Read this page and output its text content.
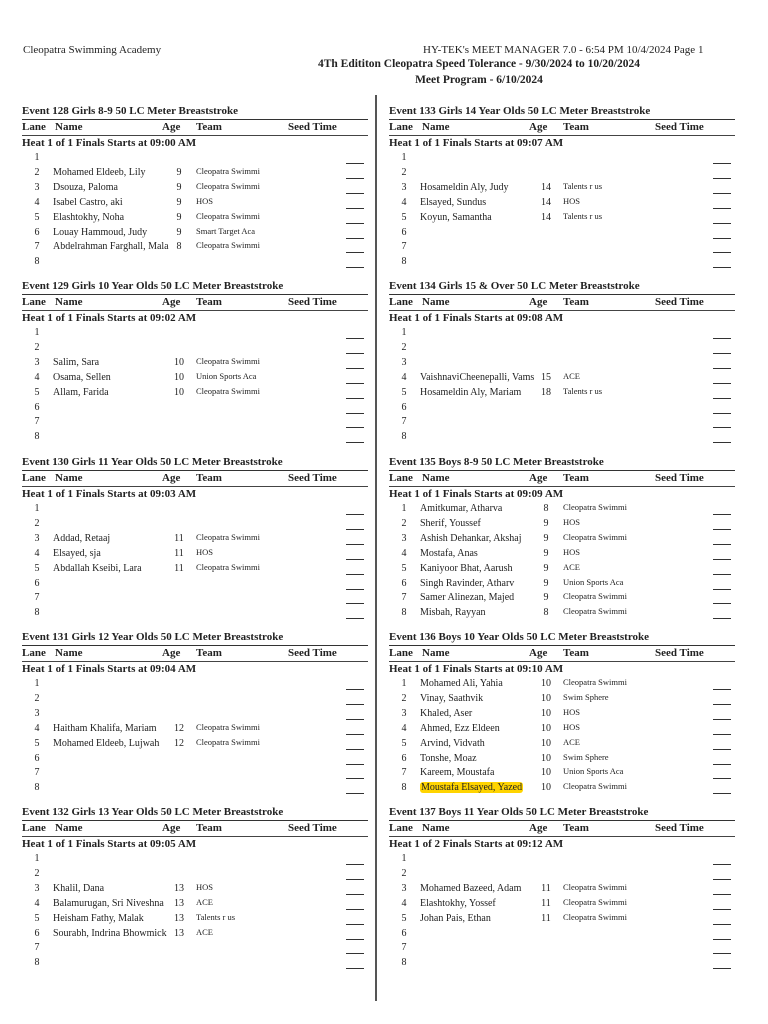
Cleopatra Swimming Academy	HY-TEK's MEET MANAGER 7.0 - 6:54 PM 10/4/2024 Page 1
4Th Edititon Cleopatra Speed Tolerance - 9/30/2024 to 10/20/2024
Meet Program - 6/10/2024
Event 128 Girls 8-9 50 LC Meter Breaststroke
Lane Name	Age Team	Seed Time
Heat 1 of 1 Finals Starts at 09:00 AM
1
2 Mohamed Eldeeb, Lily	9	Cleopatra Swimmi
3 Dsouza, Paloma	9	Cleopatra Swimmi
4 Isabel Castro, aki	9	HOS
5 Elashtokhy, Noha	9	Cleopatra Swimmi
6 Louay Hammoud, Judy	9	Smart Target Aca
7 Abdelrahman Farghall, Mala 8	Cleopatra Swimmi
8
Event 129 Girls 10 Year Olds 50 LC Meter Breaststroke
Lane Name	Age Team	Seed Time
Heat 1 of 1 Finals Starts at 09:02 AM
1
2
3 Salim, Sara	10	Cleopatra Swimmi
4 Osama, Sellen	10	Union Sports Aca
5 Allam, Farida	10	Cleopatra Swimmi
6
7
8
Event 130 Girls 11 Year Olds 50 LC Meter Breaststroke
Lane Name	Age Team	Seed Time
Heat 1 of 1 Finals Starts at 09:03 AM
1
2
3 Addad, Retaaj	11	Cleopatra Swimmi
4 Elsayed, sja	11	HOS
5 Abdallah Kseibi, Lara	11	Cleopatra Swimmi
6
7
8
Event 131 Girls 12 Year Olds 50 LC Meter Breaststroke
Lane Name	Age Team	Seed Time
Heat 1 of 1 Finals Starts at 09:04 AM
1
2
3
4 Haitham Khalifa, Mariam	12	Cleopatra Swimmi
5 Mohamed Eldeeb, Lujwah	12	Cleopatra Swimmi
6
7
8
Event 132 Girls 13 Year Olds 50 LC Meter Breaststroke
Lane Name	Age Team	Seed Time
Heat 1 of 1 Finals Starts at 09:05 AM
1
2
3 Khalil, Dana	13	HOS
4 Balamurugan, Sri Niveshna	13	ACE
5 Heisham Fathy, Malak	13	Talents r us
6 Sourabh, Indrina Bhowmick 13	ACE
7
8
Event 133 Girls 14 Year Olds 50 LC Meter Breaststroke
Lane Name	Age Team	Seed Time
Heat 1 of 1 Finals Starts at 09:07 AM
1
2
3 Hosameldin Aly, Judy	14	Talents r us
4 Elsayed, Sundus	14	HOS
5 Koyun, Samantha	14	Talents r us
6
7
8
Event 134 Girls 15 & Over 50 LC Meter Breaststroke
Lane Name	Age Team	Seed Time
Heat 1 of 1 Finals Starts at 09:08 AM
1
2
3
4 VaishnaviCheenepalli, Vams 15	ACE
5 Hosameldin Aly, Mariam	18	Talents r us
6
7
8
Event 135 Boys 8-9 50 LC Meter Breaststroke
Lane Name	Age Team	Seed Time
Heat 1 of 1 Finals Starts at 09:09 AM
1 Amitkumar, Atharva	8	Cleopatra Swimmi
2 Sherif, Youssef	9	HOS
3 Ashish Dehankar, Akshaj	9	Cleopatra Swimmi
4 Mostafa, Anas	9	HOS
5 Kaniyoor Bhat, Aarush	9	ACE
6 Singh Ravinder, Atharv	9	Union Sports Aca
7 Samer Alinezan, Majed	9	Cleopatra Swimmi
8 Misbah, Rayyan	8	Cleopatra Swimmi
Event 136 Boys 10 Year Olds 50 LC Meter Breaststroke
Lane Name	Age Team	Seed Time
Heat 1 of 1 Finals Starts at 09:10 AM
1 Mohamed Ali, Yahia	10	Cleopatra Swimmi
2 Vinay, Saathvik	10	Swim Sphere
3 Khaled, Aser	10	HOS
4 Ahmed, Ezz Eldeen	10	HOS
5 Arvind, Vidvath	10	ACE
6 Tonshe, Moaz	10	Swim Sphere
7 Kareem, Moustafa	10	Union Sports Aca
8 Moustafa Elsayed, Yazed	10	Cleopatra Swimmi
Event 137 Boys 11 Year Olds 50 LC Meter Breaststroke
Lane Name	Age Team	Seed Time
Heat 1 of 2 Finals Starts at 09:12 AM
1
2
3 Mohamed Bazeed, Adam	11	Cleopatra Swimmi
4 Elashtokhy, Yossef	11	Cleopatra Swimmi
5 Johan Pais, Ethan	11	Cleopatra Swimmi
6
7
8
